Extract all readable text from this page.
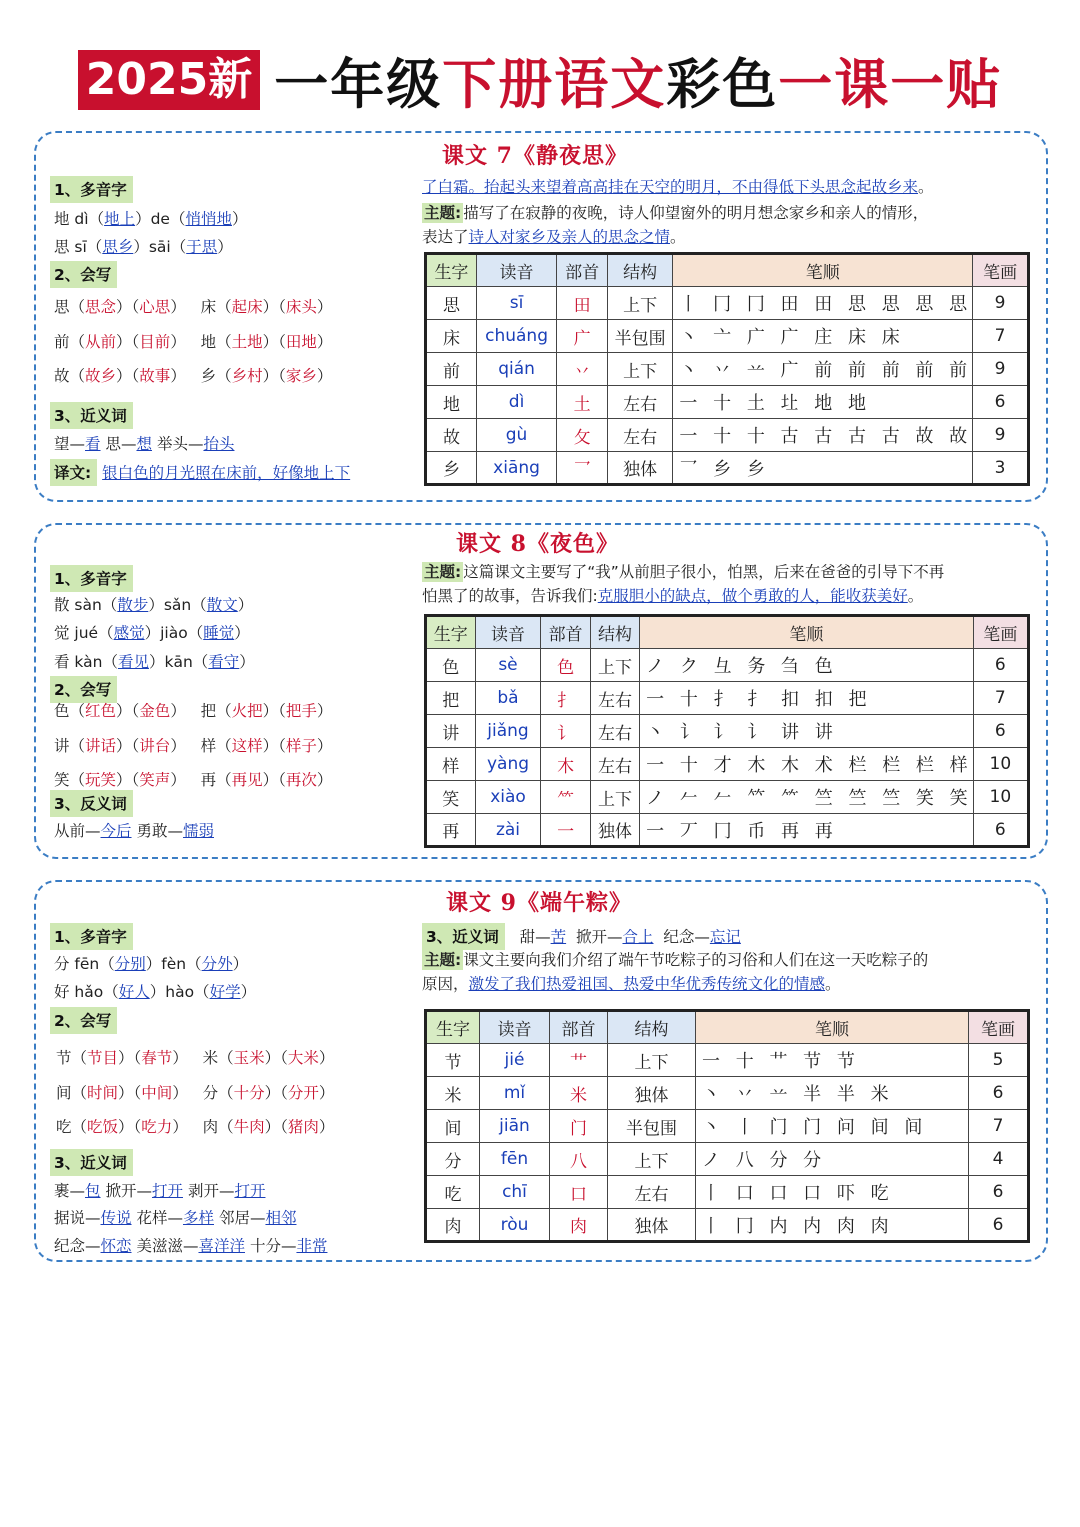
2025新 一年级下册语文彩色一课一贴
课文 7《静夜思》
1、多音字
地 dì（地上）de（悄悄地）
思 sī（思乡）sāi（于思）
2、会写
思（思念）（心思） 床（起床）（床头）
前（从前）（目前） 地（土地）（田地）
故（故乡）（故事） 乡（乡村）（家乡）
3、近义词
望—看 思—想 举头—抬头
译文: 银白色的月光照在床前，好像地上下
了白霜。抬起头来望着高高挂在天空的明月，不由得低下头思念起故乡来。
主题: 描写了在寂静的夜晚，诗人仰望窗外的明月想念家乡和亲人的情形，
表达了诗人对家乡及亲人的思念之情。
生字	读音	部首	结构	笔顺	笔画
思	sī	田	上下	丨 冂 冂 田 田 思 思 思 思	9
床	chuáng	广	半包围	丶 亠 广 广 庄 床 床	7
前	qián	丷	上下	丶 丷 䒑 广 前 前 前 前 前	9
地	dì	土	左右	一 十 土 圵 地 地	6
故	gù	攵	左右	一 十 十 古 古 古 古 故 故	9
乡	xiāng	乛	独体	乛 乡 乡	3
课文 8《夜色》
1、多音字
散 sàn（散步）sǎn（散文）
觉 jué（感觉）jiào（睡觉）
看 kàn（看见）kān（看守）
2、会写
色（红色）（金色） 把（火把）（把手）
讲（讲话）（讲台） 样（这样）（样子）
笑（玩笑）（笑声） 再（再见）（再次）
3、反义词
从前—今后 勇敢—懦弱
主题: 这篇课文主要写了“我”从前胆子很小，怕黑，后来在爸爸的引导下不再
怕黑了的故事，告诉我们:克服胆小的缺点，做个勇敢的人，能收获美好。
生字	读音	部首	结构	笔顺	笔画
色	sè	色	上下	ノ ク 彑 务 刍 色	6
把	bǎ	扌	左右	一 十 扌 扌 扣 扣 把	7
讲	jiǎng	讠	左右	丶 讠 讠 讠 讲 讲	6
样	yàng	木	左右	一 十 才 木 木 术 栏 栏 栏 样	10
笑	xiào	⺮	上下	ノ 𠂉 𠂉 𥫗 ⺮ 竺 竺 竺 笑 笑	10
再	zài	一	独体	一 丆 冂 币 再 再	6
课文 9《端午粽》
1、多音字
分 fēn（分别）fèn（分外）
好 hǎo（好人）hào（好学）
2、会写
节（节目）（春节） 米（玉米）（大米）
间（时间）（中间） 分（十分）（分开）
吃（吃饭）（吃力） 肉（牛肉）（猪肉）
3、近义词
裹—包 掀开—打开 剥开—打开
据说—传说 花样—多样 邻居—相邻
纪念—怀恋 美滋滋—喜洋洋 十分—非常
3、近义词 甜—苦 掀开—合上 纪念—忘记
主题: 课文主要向我们介绍了端午节吃粽子的习俗和人们在这一天吃粽子的
原因，激发了我们热爱祖国、热爱中华优秀传统文化的情感。
生字	读音	部首	结构	笔顺	笔画
节	jié	艹	上下	一 十 艹 节 节	5
米	mǐ	米	独体	丶 丷 䒑 半 半 米	6
间	jiān	门	半包围	丶 丨 门 门 问 间 间	7
分	fēn	八	上下	ノ 八 分 分	4
吃	chī	口	左右	丨 口 口 口 吓 吃	6
肉	ròu	肉	独体	丨 冂 内 内 肉 肉	6
